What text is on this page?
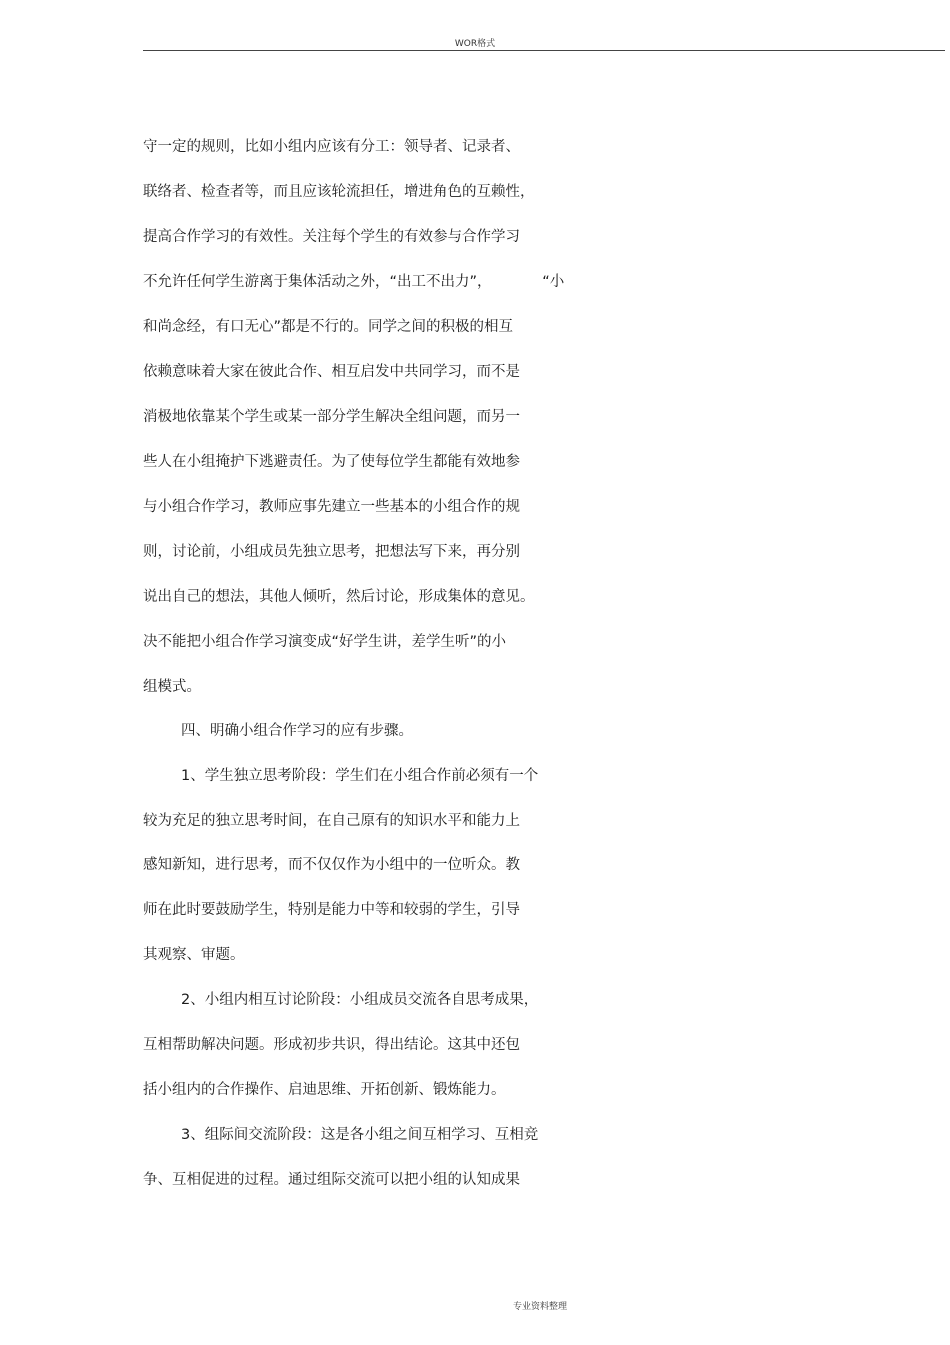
WOR格式
守一定的规则，比如小组内应该有分工：领导者、记录者、
联络者、检查者等，而且应该轮流担任，增进角色的互赖性，
提高合作学习的有效性。关注每个学生的有效参与合作学习
不允许任何学生游离于集体活动之外，“出工不出力”，           “小
和尚念经，有口无心”都是不行的。同学之间的积极的相互
依赖意味着大家在彼此合作、相互启发中共同学习，而不是
消极地依靠某个学生或某一部分学生解决全组问题，而另一
些人在小组掩护下逃避责任。为了使每位学生都能有效地参
与小组合作学习，教师应事先建立一些基本的小组合作的规
则，讨论前，小组成员先独立思考，把想法写下来，再分别
说出自己的想法，其他人倾听，然后讨论，形成集体的意见。
决不能把小组合作学习演变成“好学生讲，差学生听”的小
组模式。
四、明确小组合作学习的应有步骤。
1、学生独立思考阶段：学生们在小组合作前必须有一个
较为充足的独立思考时间，在自己原有的知识水平和能力上
感知新知，进行思考，而不仅仅作为小组中的一位听众。教
师在此时要鼓励学生，特别是能力中等和较弱的学生，引导
其观察、审题。
2、小组内相互讨论阶段：小组成员交流各自思考成果，
互相帮助解决问题。形成初步共识，得出结论。这其中还包
括小组内的合作操作、启迪思维、开拓创新、锻炼能力。
3、组际间交流阶段：这是各小组之间互相学习、互相竞
争、互相促进的过程。通过组际交流可以把小组的认知成果
专业资料整理
